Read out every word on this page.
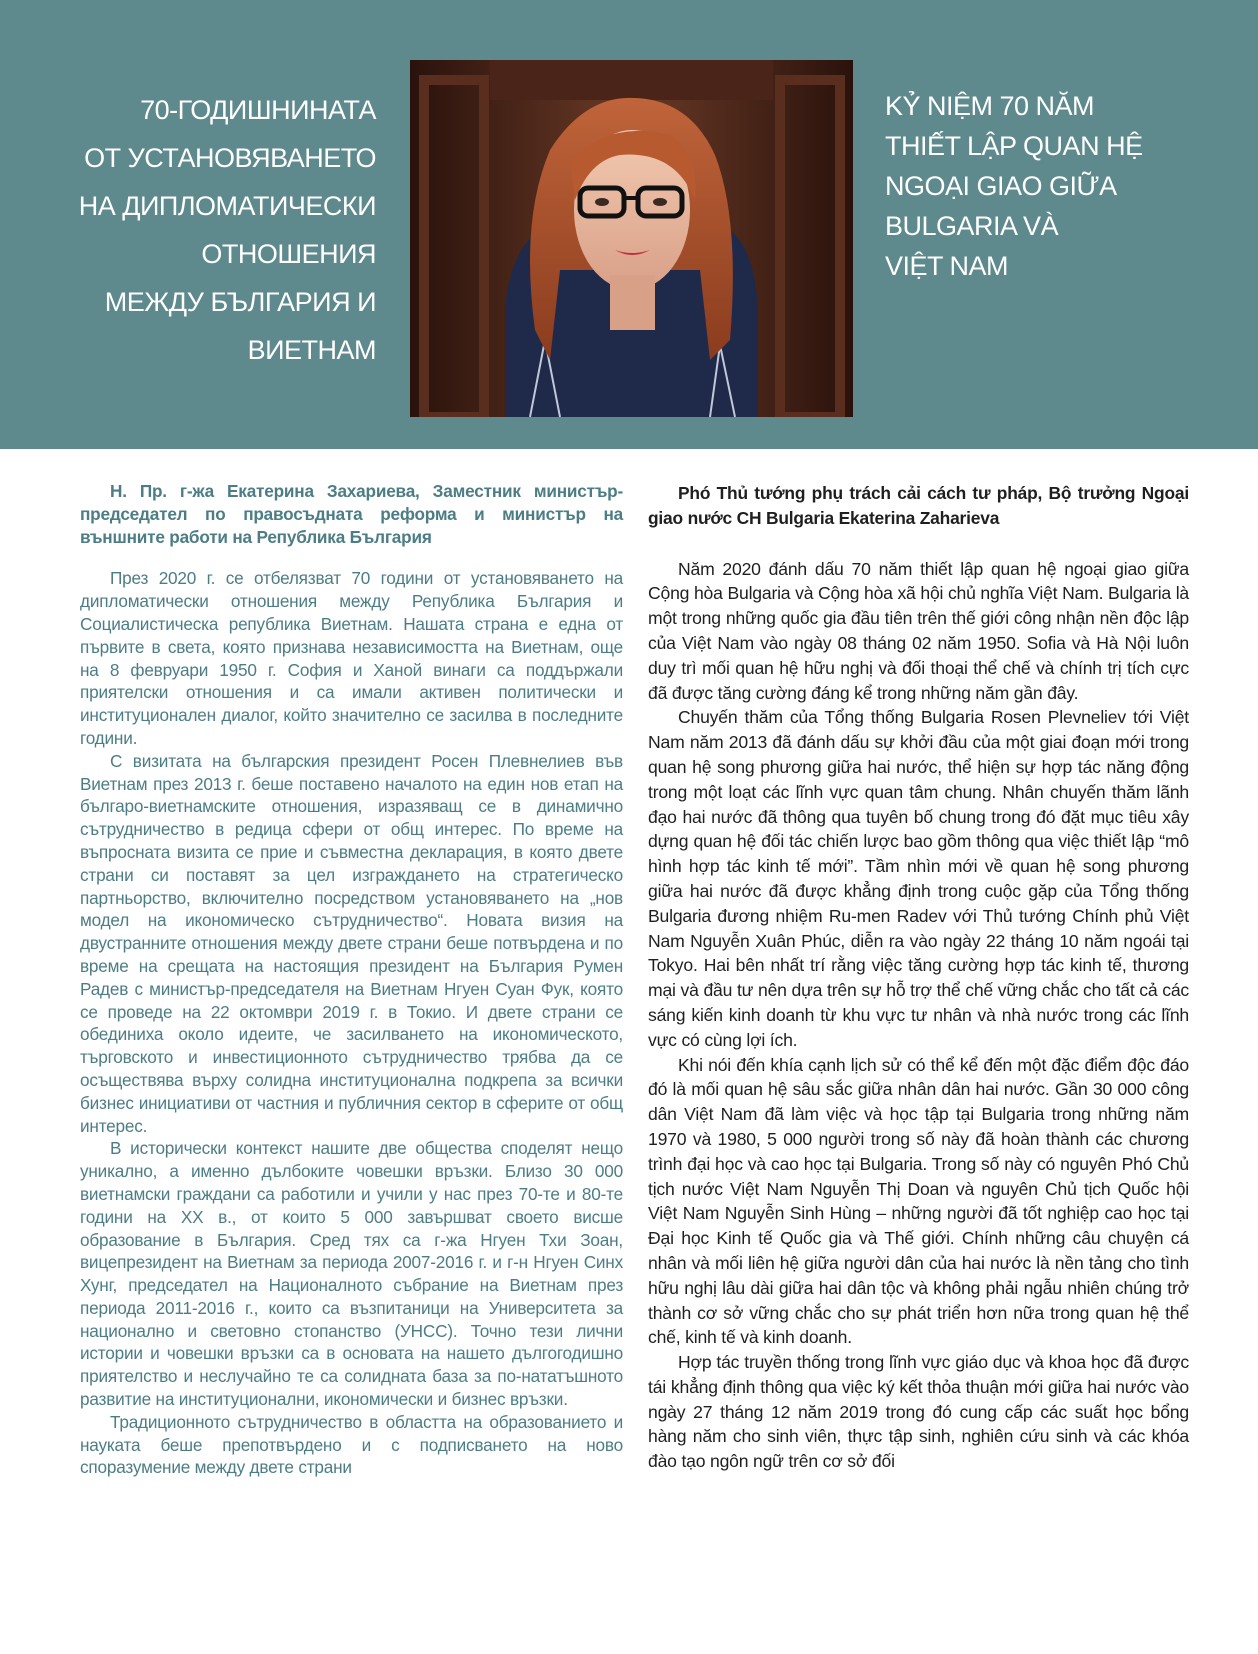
70-ГОДИШНИНАТА
ОТ УСТАНОВЯВАНЕТО
НА ДИПЛОМАТИЧЕСКИ
ОТНОШЕНИЯ
МЕЖДУ БЪЛГАРИЯ И
ВИЕТНАМ
KỶ NIỆM 70 NĂM
THIẾT LẬP QUAN HỆ
NGOẠI GIAO GIỮA
BULGARIA VÀ
VIỆT NAM

Н. Пр. г-жа Екатерина Захариева, Заместник министър-председател по правосъдната реформа и министър на външните работи на Република България

През 2020 г. се отбелязват 70 години от установяването на дипломатически отношения между Република България и Социалистическа република Виетнам. Нашата страна е една от първите в света, която признава независимостта на Виетнам, още на 8 февруари 1950 г. София и Ханой винаги са поддържали приятелски отношения и са имали активен политически и институционален диалог, който значително се засилва в последните години.

С визитата на българския президент Росен Плевнелиев във Виетнам през 2013 г. беше поставено началото на един нов етап на българо-виетнамските отношения, изразяващ се в динамично сътрудничество в редица сфери от общ интерес. По време на въпросната визита се прие и съвместна декларация, в която двете страни си поставят за цел изграждането на стратегическо партньорство, включително посредством установяването на „нов модел на икономическо сътрудничество“. Новата визия на двустранните отношения между двете страни беше потвърдена и по време на срещата на настоящия президент на България Румен Радев с министър-председателя на Виетнам Нгуен Суан Фук, която се проведе на 22 октомври 2019 г. в Токио. И двете страни се обединиха около идеите, че засилването на икономическото, търговското и инвестиционното сътрудничество трябва да се осъществява върху солидна институционална подкрепа за всички бизнес инициативи от частния и публичния сектор в сферите от общ интерес.

В исторически контекст нашите две общества споделят нещо уникално, а именно дълбоките човешки връзки. Близо 30 000 виетнамски граждани са работили и учили у нас през 70-те и 80-те години на XX в., от които 5 000 завършват своето висше образование в България. Сред тях са г-жа Нгуен Тхи Зоан, вицепрезидент на Виетнам за периода 2007-2016 г. и г-н Нгуен Синх Хунг, председател на Националното събрание на Виетнам през периода 2011-2016 г., които са възпитаници на Университета за национално и световно стопанство (УНСС). Точно тези лични истории и човешки връзки са в основата на нашето дългогодишно приятелство и неслучайно те са солидната база за по-нататъшното развитие на институционални, икономически и бизнес връзки.

Традиционното сътрудничество в областта на образованието и науката беше препотвърдено и с подписването на ново споразумение между двете страни

Phó Thủ tướng phụ trách cải cách tư pháp, Bộ trưởng Ngoại giao nước CH Bulgaria Ekaterina Zaharieva

Năm 2020 đánh dấu 70 năm thiết lập quan hệ ngoại giao giữa Cộng hòa Bulgaria và Cộng hòa xã hội chủ nghĩa Việt Nam. Bulgaria là một trong những quốc gia đầu tiên trên thế giới công nhận nền độc lập của Việt Nam vào ngày 08 tháng 02 năm 1950. Sofia và Hà Nội luôn duy trì mối quan hệ hữu nghị và đối thoại thể chế và chính trị tích cực đã được tăng cường đáng kể trong những năm gần đây.

Chuyến thăm của Tổng thống Bulgaria Rosen Plevneliev tới Việt Nam năm 2013 đã đánh dấu sự khởi đầu của một giai đoạn mới trong quan hệ song phương giữa hai nước, thể hiện sự hợp tác năng động trong một loạt các lĩnh vực quan tâm chung. Nhân chuyến thăm lãnh đạo hai nước đã thông qua tuyên bố chung trong đó đặt mục tiêu xây dựng quan hệ đối tác chiến lược bao gồm thông qua việc thiết lập “mô hình hợp tác kinh tế mới”. Tầm nhìn mới về quan hệ song phương giữa hai nước đã được khẳng định trong cuộc gặp của Tổng thống Bulgaria đương nhiệm Ru-men Radev với Thủ tướng Chính phủ Việt Nam Nguyễn Xuân Phúc, diễn ra vào ngày 22 tháng 10 năm ngoái tại Tokyo. Hai bên nhất trí rằng việc tăng cường hợp tác kinh tế, thương mại và đầu tư nên dựa trên sự hỗ trợ thể chế vững chắc cho tất cả các sáng kiến kinh doanh từ khu vực tư nhân và nhà nước trong các lĩnh vực có cùng lợi ích.

Khi nói đến khía cạnh lịch sử có thể kể đến một đặc điểm độc đáo đó là mối quan hệ sâu sắc giữa nhân dân hai nước. Gần 30 000 công dân Việt Nam đã làm việc và học tập tại Bulgaria trong những năm 1970 và 1980, 5 000 người trong số này đã hoàn thành các chương trình đại học và cao học tại Bulgaria. Trong số này có nguyên Phó Chủ tịch nước Việt Nam Nguyễn Thị Doan và nguyên Chủ tịch Quốc hội Việt Nam Nguyễn Sinh Hùng – những người đã tốt nghiệp cao học tại Đại học Kinh tế Quốc gia và Thế giới. Chính những câu chuyện cá nhân và mối liên hệ giữa người dân của hai nước là nền tảng cho tình hữu nghị lâu dài giữa hai dân tộc và không phải ngẫu nhiên chúng trở thành cơ sở vững chắc cho sự phát triển hơn nữa trong quan hệ thể chế, kinh tế và kinh doanh.

Hợp tác truyền thống trong lĩnh vực giáo dục và khoa học đã được tái khẳng định thông qua việc ký kết thỏa thuận mới giữa hai nước vào ngày 27 tháng 12 năm 2019 trong đó cung cấp các suất học bổng hàng năm cho sinh viên, thực tập sinh, nghiên cứu sinh và các khóa đào tạo ngôn ngữ trên cơ sở đối
